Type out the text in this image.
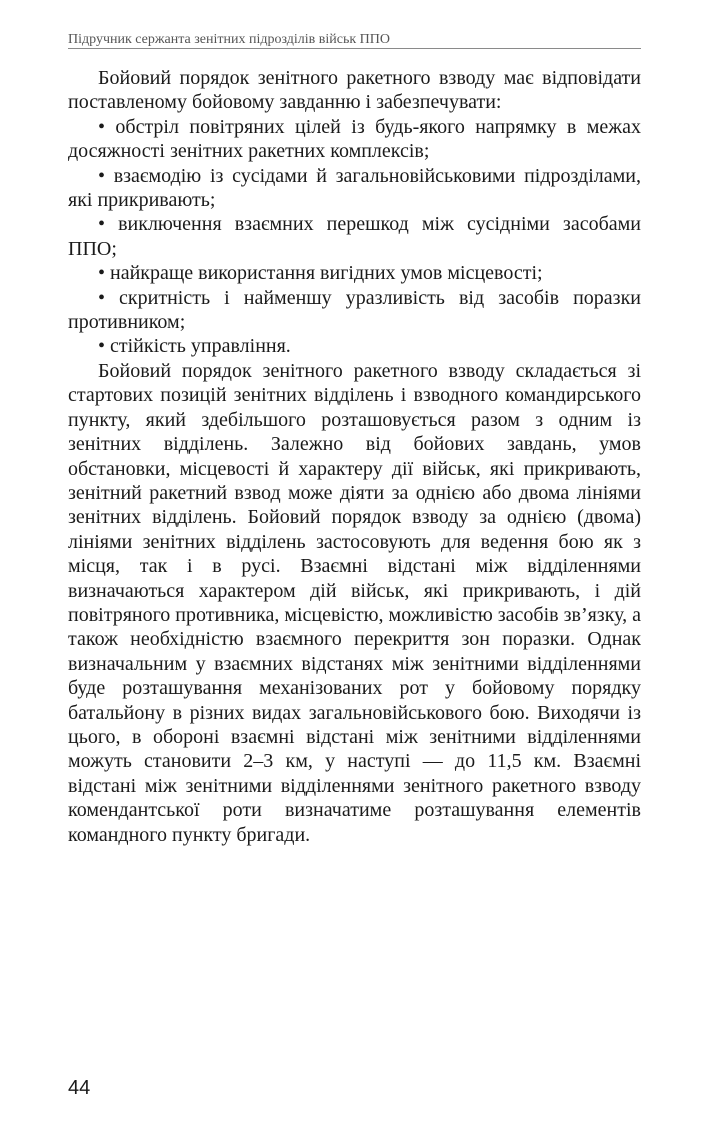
Підручник сержанта зенітних підрозділів військ ППО

Бойовий порядок зенітного ракетного взводу має відповідати поставленому бойовому завданню і забезпечувати:

• обстріл повітряних цілей із будь-якого напрямку в межах досяжності зенітних ракетних комплексів;

• взаємодію із сусідами й загальновійськовими підрозділами, які прикривають;

• виключення взаємних перешкод між сусідніми засобами ППО;

• найкраще використання вигідних умов місцевості;

• скритність і найменшу уразливість від засобів поразки противником;

• стійкість управління.

Бойовий порядок зенітного ракетного взводу складається зі стартових позицій зенітних відділень і взводного командирського пункту, який здебільшого розташовується разом з одним із зенітних відділень. Залежно від бойових завдань, умов обстановки, місцевості й характеру дії військ, які прикривають, зенітний ракетний взвод може діяти за однією або двома лініями зенітних відділень. Бойовий порядок взводу за однією (двома) лініями зенітних відділень застосовують для ведення бою як з місця, так і в русі. Взаємні відстані між відділеннями визначаються характером дій військ, які прикривають, і дій повітряного противника, місцевістю, можливістю засобів зв’язку, а також необхідністю взаємного перекриття зон поразки. Однак визначальним у взаємних відстанях між зенітними відділеннями буде розташування механізованих рот у бойовому порядку батальйону в різних видах загальновійськового бою. Виходячи із цього, в обороні взаємні відстані між зенітними відділеннями можуть становити 2–3 км, у наступі — до 11,5 км. Взаємні відстані між зенітними відділеннями зенітного ракетного взводу комендантської роти визначатиме розташування елементів командного пункту бригади.

44
